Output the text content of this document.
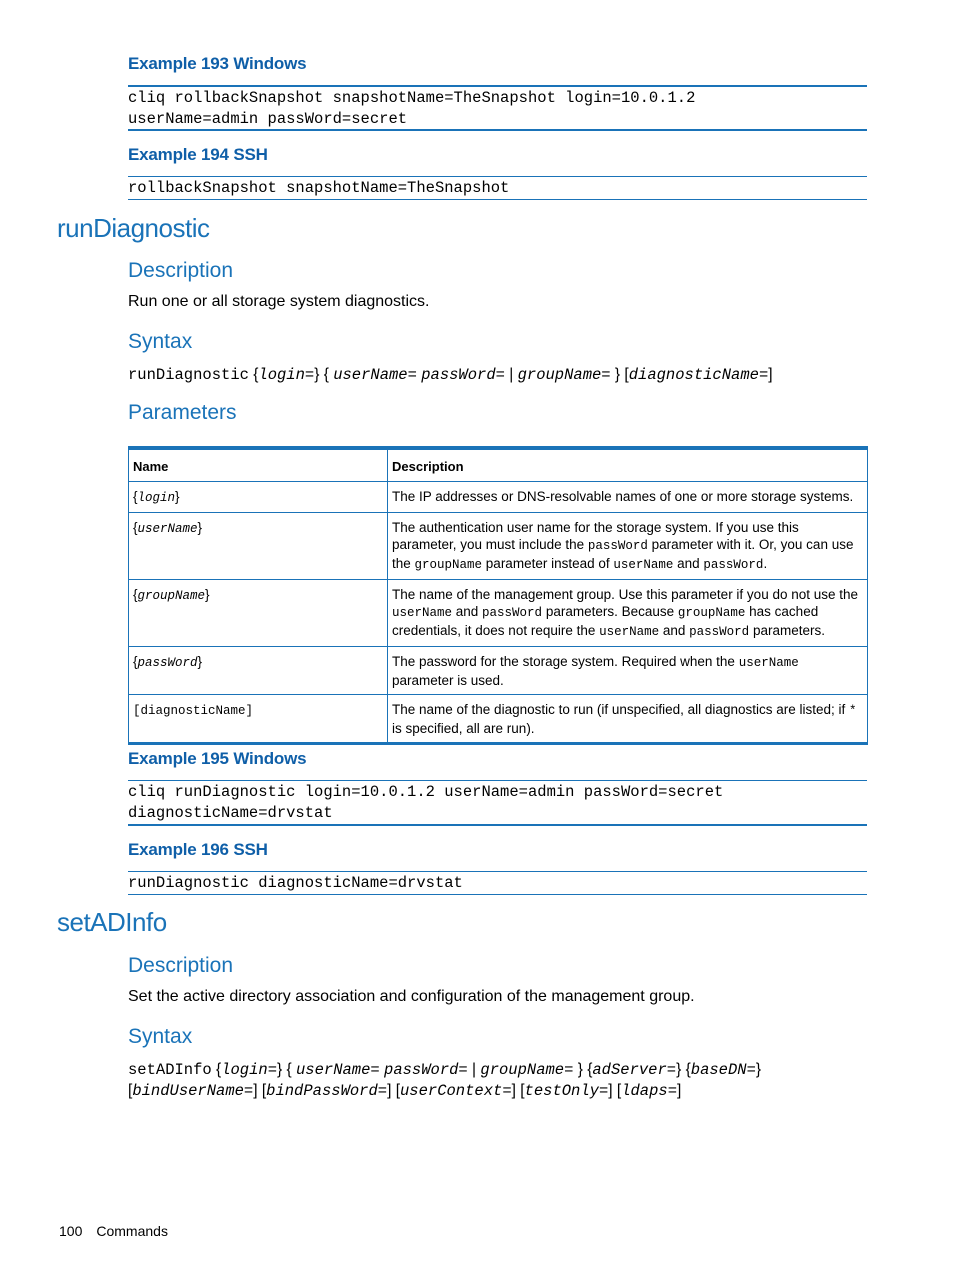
Example 193 Windows
cliq rollbackSnapshot snapshotName=TheSnapshot login=10.0.1.2
userName=admin passWord=secret
Example 194 SSH
rollbackSnapshot snapshotName=TheSnapshot
runDiagnostic
Description
Run one or all storage system diagnostics.
Syntax
runDiagnostic {login=} { userName= passWord= | groupName= } [diagnosticName=]
Parameters
Name	Description
{login}	The IP addresses or DNS-resolvable names of one or more storage systems.
{userName}	The authentication user name for the storage system. If you use this parameter, you must include the passWord parameter with it. Or, you can use the groupName parameter instead of userName and passWord.
{groupName}	The name of the management group. Use this parameter if you do not use the userName and passWord parameters. Because groupName has cached credentials, it does not require the userName and passWord parameters.
{passWord}	The password for the storage system. Required when the userName parameter is used.
[diagnosticName]	The name of the diagnostic to run (if unspecified, all diagnostics are listed; if * is specified, all are run).
Example 195 Windows
cliq runDiagnostic login=10.0.1.2 userName=admin passWord=secret
diagnosticName=drvstat
Example 196 SSH
runDiagnostic diagnosticName=drvstat
setADInfo
Description
Set the active directory association and configuration of the management group.
Syntax
setADInfo {login=} { userName= passWord= | groupName= } {adServer=} {baseDN=}
[bindUserName=] [bindPassWord=] [userContext=] [testOnly=] [ldaps=]
100 Commands
